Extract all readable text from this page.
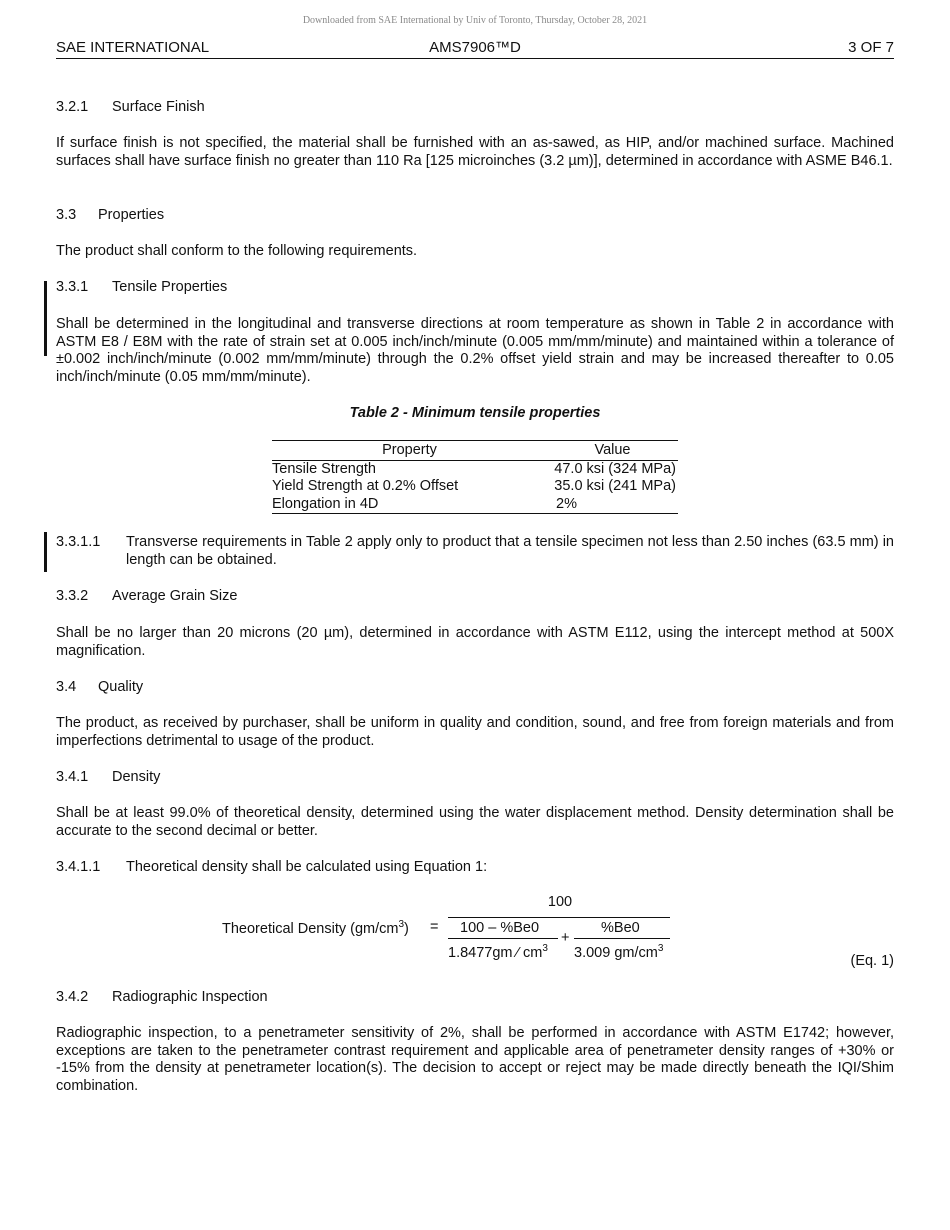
Downloaded from SAE International by Univ of Toronto, Thursday, October 28, 2021
SAE INTERNATIONAL	AMS7906™D	3 OF 7
3.2.1 Surface Finish
If surface finish is not specified, the material shall be furnished with an as-sawed, as HIP, and/or machined surface. Machined surfaces shall have surface finish no greater than 110 Ra [125 microinches (3.2 µm)], determined in accordance with ASME B46.1.
3.3 Properties
The product shall conform to the following requirements.
3.3.1 Tensile Properties
Shall be determined in the longitudinal and transverse directions at room temperature as shown in Table 2 in accordance with ASTM E8 / E8M with the rate of strain set at 0.005 inch/inch/minute (0.005 mm/mm/minute) and maintained within a tolerance of ±0.002 inch/inch/minute (0.002 mm/mm/minute) through the 0.2% offset yield strain and may be increased thereafter to 0.05 inch/inch/minute (0.05 mm/mm/minute).
Table 2 - Minimum tensile properties
Property	Value
Tensile Strength	47.0 ksi (324 MPa)
Yield Strength at 0.2% Offset	35.0 ksi (241 MPa)
Elongation in 4D	2%
3.3.1.1 Transverse requirements in Table 2 apply only to product that a tensile specimen not less than 2.50 inches (63.5 mm) in length can be obtained.
3.3.2 Average Grain Size
Shall be no larger than 20 microns (20 µm), determined in accordance with ASTM E112, using the intercept method at 500X magnification.
3.4 Quality
The product, as received by purchaser, shall be uniform in quality and condition, sound, and free from foreign materials and from imperfections detrimental to usage of the product.
3.4.1 Density
Shall be at least 99.0% of theoretical density, determined using the water displacement method. Density determination shall be accurate to the second decimal or better.
3.4.1.1 Theoretical density shall be calculated using Equation 1:
Theoretical Density $(gm/cm^3)$ =
100
100 – %Be0
1.8477gm ⁄ $cm^3$
+
%Be0
3.009 $gm/cm^3$
(Eq. 1)
3.4.2 Radiographic Inspection
Radiographic inspection, to a penetrameter sensitivity of 2%, shall be performed in accordance with ASTM E1742; however, exceptions are taken to the penetrameter contrast requirement and applicable area of penetrameter density ranges of +30% or -15% from the density at penetrameter location(s). The decision to accept or reject may be made directly beneath the IQI/Shim combination.
